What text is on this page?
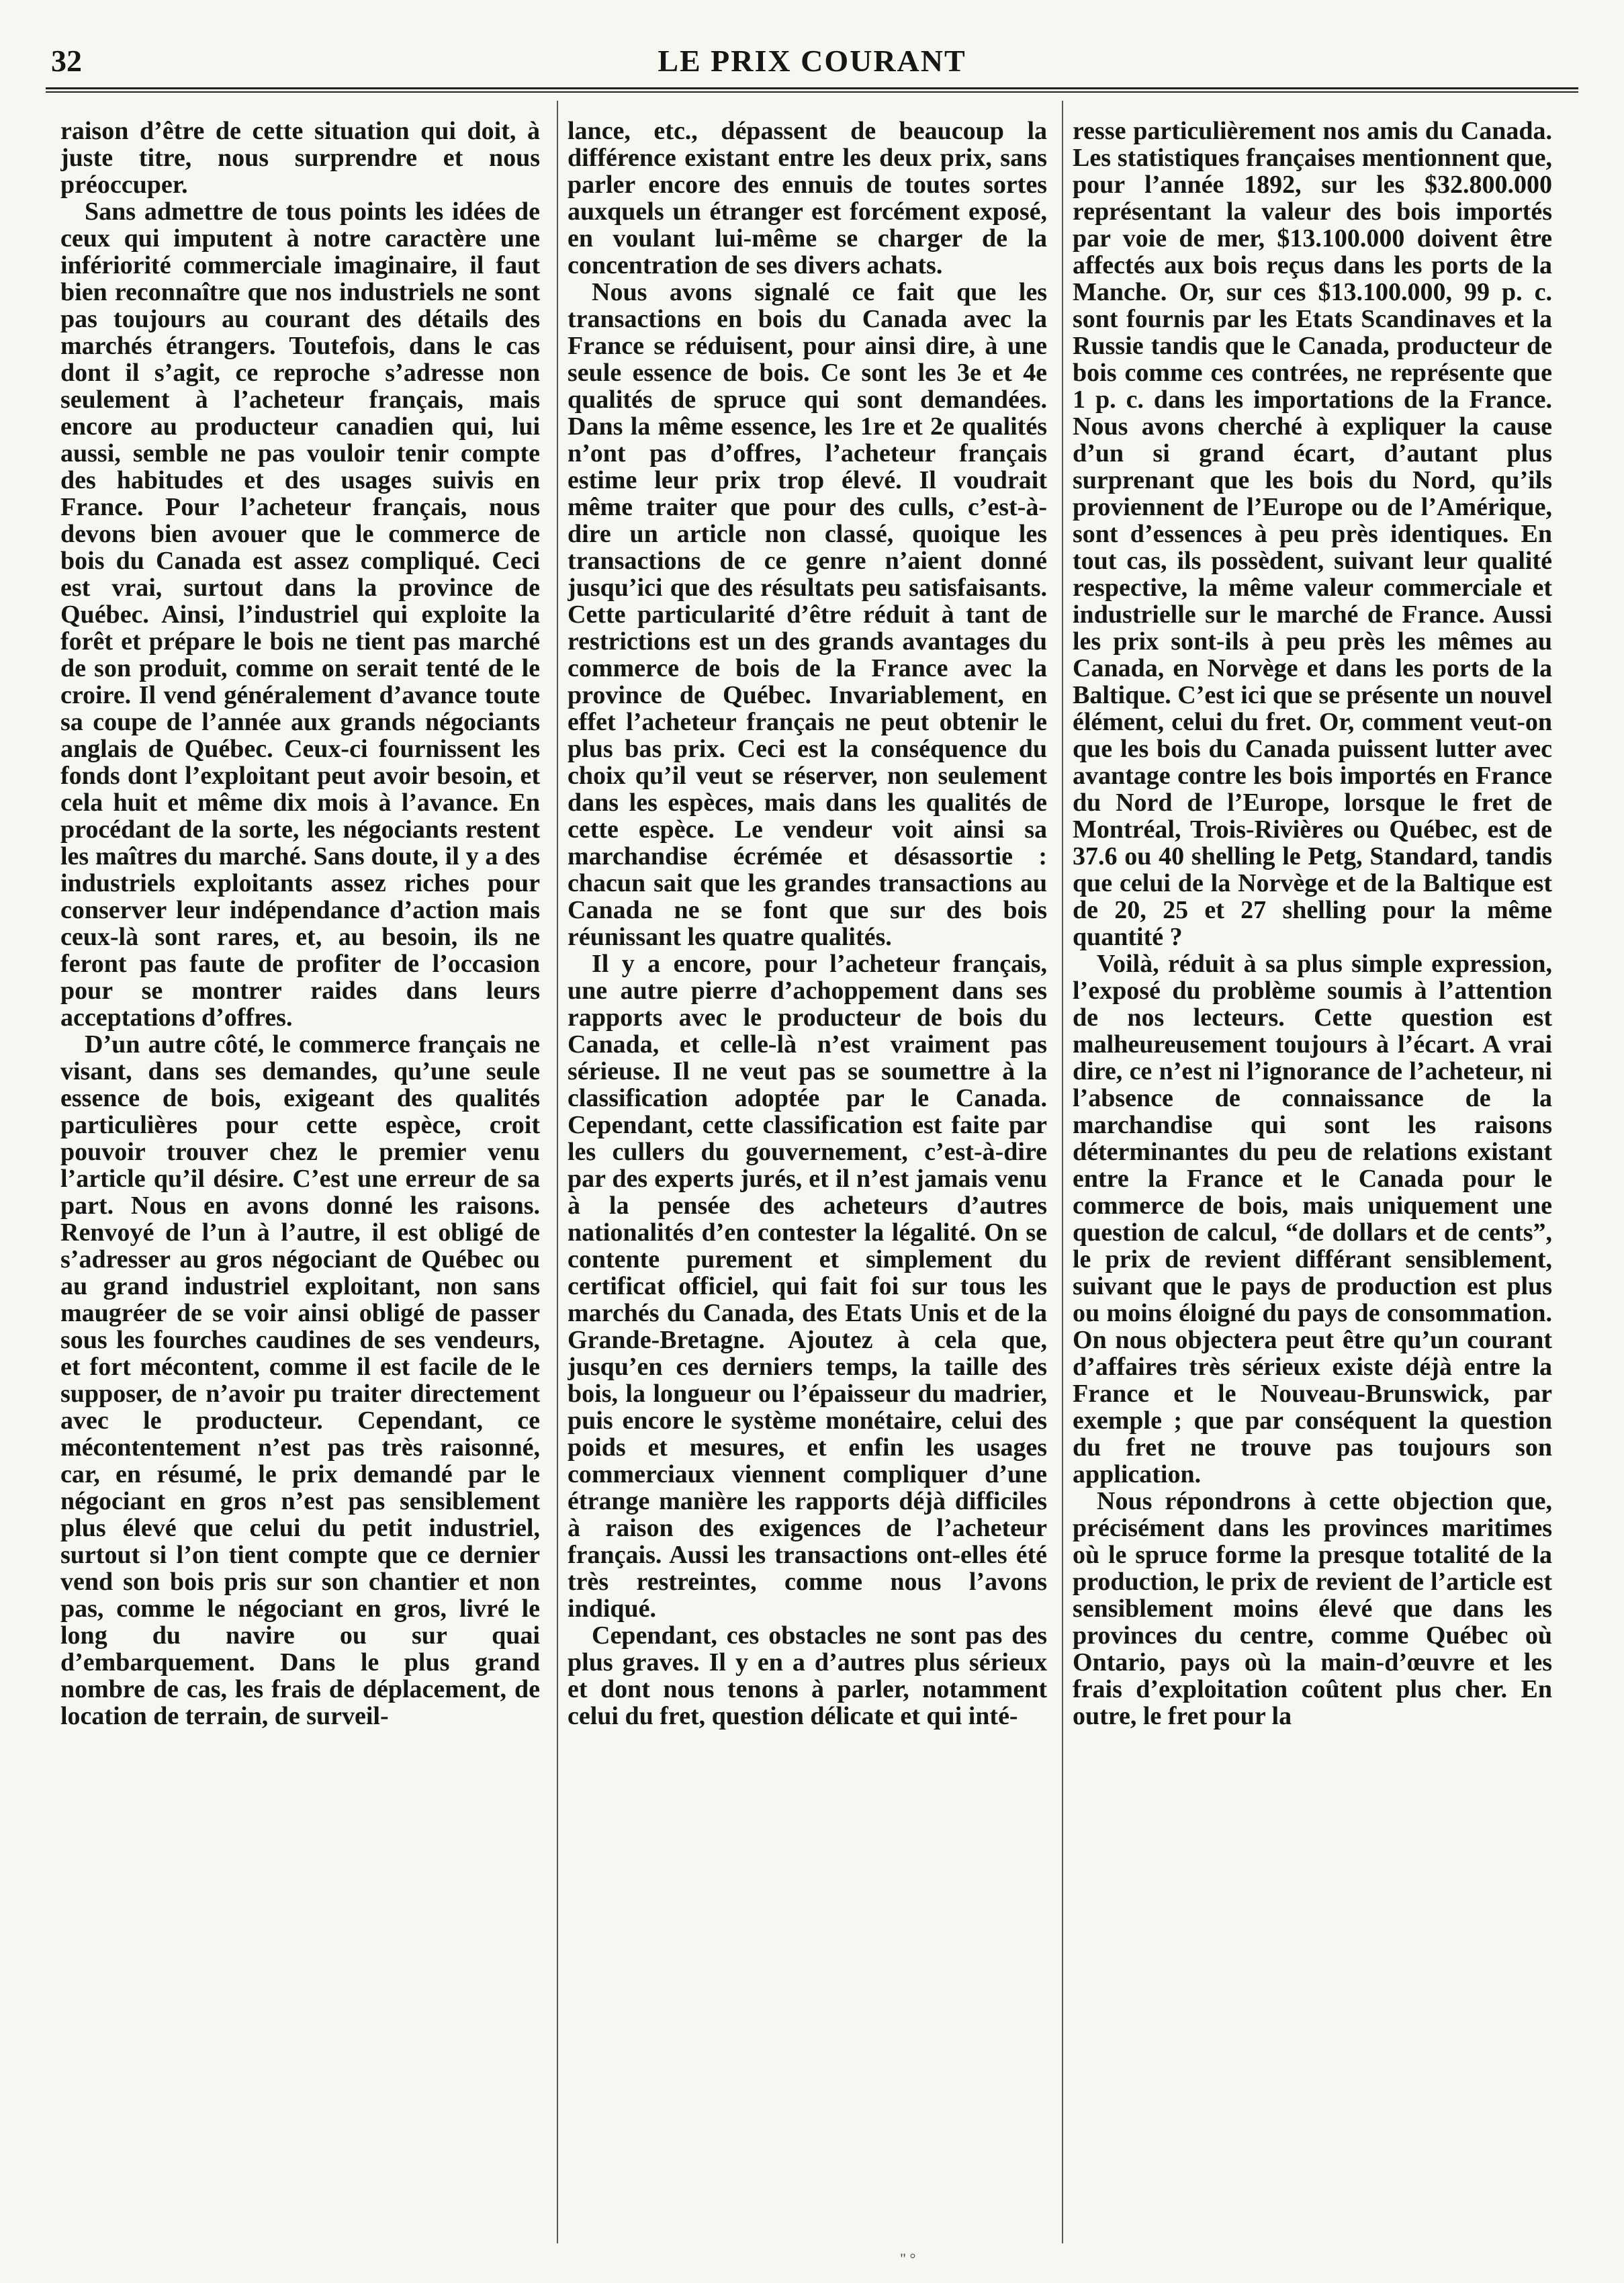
32	LE PRIX COURANT

raison d’être de cette situation qui doit, à juste titre, nous surprendre et nous préoccuper.

Sans admettre de tous points les idées de ceux qui imputent à notre caractère une infériorité commerciale imaginaire, il faut bien reconnaître que nos industriels ne sont pas toujours au courant des détails des marchés étrangers. Toutefois, dans le cas dont il s’agit, ce reproche s’adresse non seulement à l’acheteur français, mais encore au producteur canadien qui, lui aussi, semble ne pas vouloir tenir compte des habitudes et des usages suivis en France. Pour l’acheteur français, nous devons bien avouer que le commerce de bois du Canada est assez compliqué. Ceci est vrai, surtout dans la province de Québec. Ainsi, l’industriel qui exploite la forêt et prépare le bois ne tient pas marché de son produit, comme on serait tenté de le croire. Il vend généralement d’avance toute sa coupe de l’année aux grands négociants anglais de Québec. Ceux-ci fournissent les fonds dont l’exploitant peut avoir besoin, et cela huit et même dix mois à l’avance. En procédant de la sorte, les négociants restent les maîtres du marché. Sans doute, il y a des industriels exploitants assez riches pour conserver leur indépendance d’action mais ceux-là sont rares, et, au besoin, ils ne feront pas faute de profiter de l’occasion pour se montrer raides dans leurs acceptations d’offres.

D’un autre côté, le commerce français ne visant, dans ses demandes, qu’une seule essence de bois, exigeant des qualités particulières pour cette espèce, croit pouvoir trouver chez le premier venu l’article qu’il désire. C’est une erreur de sa part. Nous en avons donné les raisons. Renvoyé de l’un à l’autre, il est obligé de s’adresser au gros négociant de Québec ou au grand industriel exploitant, non sans maugréer de se voir ainsi obligé de passer sous les fourches caudines de ses vendeurs, et fort mécontent, comme il est facile de le supposer, de n’avoir pu traiter directement avec le producteur. Cependant, ce mécontentement n’est pas très raisonné, car, en résumé, le prix demandé par le négociant en gros n’est pas sensiblement plus élevé que celui du petit industriel, surtout si l’on tient compte que ce dernier vend son bois pris sur son chantier et non pas, comme le négociant en gros, livré le long du navire ou sur quai d’embarquement. Dans le plus grand nombre de cas, les frais de déplacement, de location de terrain, de surveil-

lance, etc., dépassent de beaucoup la différence existant entre les deux prix, sans parler encore des ennuis de toutes sortes auxquels un étranger est forcément exposé, en voulant lui-même se charger de la concentration de ses divers achats.

Nous avons signalé ce fait que les transactions en bois du Canada avec la France se réduisent, pour ainsi dire, à une seule essence de bois. Ce sont les 3e et 4e qualités de spruce qui sont demandées. Dans la même essence, les 1re et 2e qualités n’ont pas d’offres, l’acheteur français estime leur prix trop élevé. Il voudrait même traiter que pour des culls, c’est-à-dire un article non classé, quoique les transactions de ce genre n’aient donné jusqu’ici que des résultats peu satisfaisants. Cette particularité d’être réduit à tant de restrictions est un des grands avantages du commerce de bois de la France avec la province de Québec. Invariablement, en effet l’acheteur français ne peut obtenir le plus bas prix. Ceci est la conséquence du choix qu’il veut se réserver, non seulement dans les espèces, mais dans les qualités de cette espèce. Le vendeur voit ainsi sa marchandise écrémée et désassortie : chacun sait que les grandes transactions au Canada ne se font que sur des bois réunissant les quatre qualités.

Il y a encore, pour l’acheteur français, une autre pierre d’achoppement dans ses rapports avec le producteur de bois du Canada, et celle-là n’est vraiment pas sérieuse. Il ne veut pas se soumettre à la classification adoptée par le Canada. Cependant, cette classification est faite par les cullers du gouvernement, c’est-à-dire par des experts jurés, et il n’est jamais venu à la pensée des acheteurs d’autres nationalités d’en contester la légalité. On se contente purement et simplement du certificat officiel, qui fait foi sur tous les marchés du Canada, des Etats Unis et de la Grande-Bretagne. Ajoutez à cela que, jusqu’en ces derniers temps, la taille des bois, la longueur ou l’épaisseur du madrier, puis encore le système monétaire, celui des poids et mesures, et enfin les usages commerciaux viennent compliquer d’une étrange manière les rapports déjà difficiles à raison des exigences de l’acheteur français. Aussi les transactions ont-elles été très restreintes, comme nous l’avons indiqué.

Cependant, ces obstacles ne sont pas des plus graves. Il y en a d’autres plus sérieux et dont nous tenons à parler, notamment celui du fret, question délicate et qui inté-

resse particulièrement nos amis du Canada. Les statistiques françaises mentionnent que, pour l’année 1892, sur les $32.800.000 représentant la valeur des bois importés par voie de mer, $13.100.000 doivent être affectés aux bois reçus dans les ports de la Manche. Or, sur ces $13.100.000, 99 p. c. sont fournis par les Etats Scandinaves et la Russie tandis que le Canada, producteur de bois comme ces contrées, ne représente que 1 p. c. dans les importations de la France. Nous avons cherché à expliquer la cause d’un si grand écart, d’autant plus surprenant que les bois du Nord, qu’ils proviennent de l’Europe ou de l’Amérique, sont d’essences à peu près identiques. En tout cas, ils possèdent, suivant leur qualité respective, la même valeur commerciale et industrielle sur le marché de France. Aussi les prix sont-ils à peu près les mêmes au Canada, en Norvège et dans les ports de la Baltique. C’est ici que se présente un nouvel élément, celui du fret. Or, comment veut-on que les bois du Canada puissent lutter avec avantage contre les bois importés en France du Nord de l’Europe, lorsque le fret de Montréal, Trois-Rivières ou Québec, est de 37.6 ou 40 shelling le Petg, Standard, tandis que celui de la Norvège et de la Baltique est de 20, 25 et 27 shelling pour la même quantité ?

Voilà, réduit à sa plus simple expression, l’exposé du problème soumis à l’attention de nos lecteurs. Cette question est malheureusement toujours à l’écart. A vrai dire, ce n’est ni l’ignorance de l’acheteur, ni l’absence de connaissance de la marchandise qui sont les raisons déterminantes du peu de relations existant entre la France et le Canada pour le commerce de bois, mais uniquement une question de calcul, “de dollars et de cents”, le prix de revient différant sensiblement, suivant que le pays de production est plus ou moins éloigné du pays de consommation. On nous objectera peut être qu’un courant d’affaires très sérieux existe déjà entre la France et le Nouveau-Brunswick, par exemple ; que par conséquent la question du fret ne trouve pas toujours son application.

Nous répondrons à cette objection que, précisément dans les provinces maritimes où le spruce forme la presque totalité de la production, le prix de revient de l’article est sensiblement moins élevé que dans les provinces du centre, comme Québec où Ontario, pays où la main-d’œuvre et les frais d’exploitation coûtent plus cher. En outre, le fret pour la

" °
